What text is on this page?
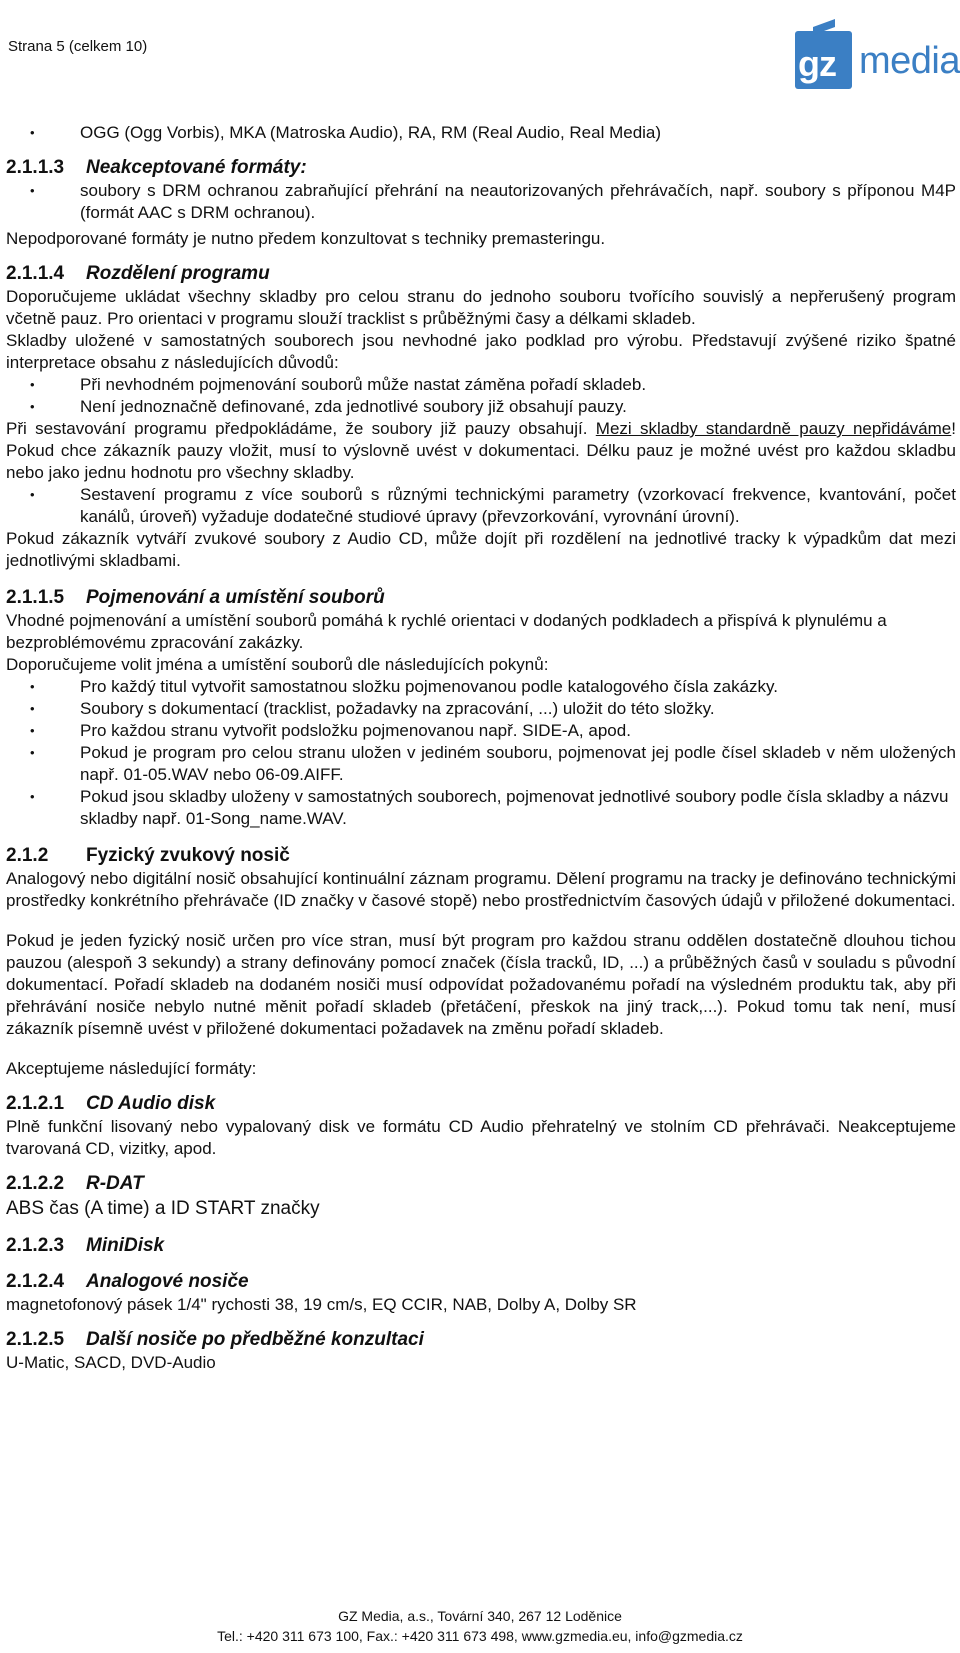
Strana 5 (celkem 10)	gz media
• OGG (Ogg Vorbis), MKA (Matroska Audio), RA, RM (Real Audio, Real Media)
2.1.1.3 Neakceptované formáty:
• soubory s DRM ochranou zabraňující přehrání na neautorizovaných přehrávačích, např. soubory s příponou M4P (formát AAC s DRM ochranou).

Nepodporované formáty je nutno předem konzultovat s techniky premasteringu.

2.1.1.4 Rozdělení programu

Doporučujeme ukládat všechny skladby pro celou stranu do jednoho souboru tvořícího souvislý a nepřerušený program včetně pauz. Pro orientaci v programu slouží tracklist s průběžnými časy a délkami skladeb.

Skladby uložené v samostatných souborech jsou nevhodné jako podklad pro výrobu. Představují zvýšené riziko špatné interpretace obsahu z následujících důvodů:

• Při nevhodném pojmenování souborů může nastat záměna pořadí skladeb.
• Není jednoznačně definované, zda jednotlivé soubory již obsahují pauzy.

Při sestavování programu předpokládáme, že soubory již pauzy obsahují. Mezi skladby standardně pauzy nepřidáváme! Pokud chce zákazník pauzy vložit, musí to výslovně uvést v dokumentaci. Délku pauz je možné uvést pro každou skladbu nebo jako jednu hodnotu pro všechny skladby.

• Sestavení programu z více souborů s různými technickými parametry (vzorkovací frekvence, kvantování, počet kanálů, úroveň) vyžaduje dodatečné studiové úpravy (převzorkování, vyrovnání úrovní).

Pokud zákazník vytváří zvukové soubory z Audio CD, může dojít při rozdělení na jednotlivé tracky k výpadkům dat mezi jednotlivými skladbami.

2.1.1.5 Pojmenování a umístění souborů

Vhodné pojmenování a umístění souborů pomáhá k rychlé orientaci v dodaných podkladech a přispívá k plynulému a bezproblémovému zpracování zakázky.

Doporučujeme volit jména a umístění souborů dle následujících pokynů:

• Pro každý titul vytvořit samostatnou složku pojmenovanou podle katalogového čísla zakázky.
• Soubory s dokumentací (tracklist, požadavky na zpracování, ...) uložit do této složky.
• Pro každou stranu vytvořit podsložku pojmenovanou např. SIDE-A, apod.
• Pokud je program pro celou stranu uložen v jediném souboru, pojmenovat jej podle čísel skladeb v něm uložených např. 01-05.WAV nebo 06-09.AIFF.
• Pokud jsou skladby uloženy v samostatných souborech, pojmenovat jednotlivé soubory podle čísla skladby a názvu skladby např. 01-Song_name.WAV.
2.1.2 Fyzický zvukový nosič

Analogový nebo digitální nosič obsahující kontinuální záznam programu. Dělení programu na tracky je definováno technickými prostředky konkrétního přehrávače (ID značky v časové stopě) nebo prostřednictvím časových údajů v přiložené dokumentaci.

Pokud je jeden fyzický nosič určen pro více stran, musí být program pro každou stranu oddělen dostatečně dlouhou tichou pauzou (alespoň 3 sekundy) a strany definovány pomocí značek (čísla tracků, ID, ...) a průběžných časů v souladu s původní dokumentací. Pořadí skladeb na dodaném nosiči musí odpovídat požadovanému pořadí na výsledném produktu tak, aby při přehrávání nosiče nebylo nutné měnit pořadí skladeb (přetáčení, přeskok na jiný track,...). Pokud tomu tak není, musí zákazník písemně uvést v přiložené dokumentaci požadavek na změnu pořadí skladeb.

Akceptujeme následující formáty:

2.1.2.1 CD Audio disk

Plně funkční lisovaný nebo vypalovaný disk ve formátu CD Audio přehratelný ve stolním CD přehrávači. Neakceptujeme tvarovaná CD, vizitky, apod.

2.1.2.2 R-DAT

ABS čas (A time) a ID START značky

2.1.2.3 MiniDisk
2.1.2.4 Analogové nosiče

magnetofonový pásek 1/4" rychosti 38, 19 cm/s, EQ CCIR, NAB, Dolby A, Dolby SR

2.1.2.5 Další nosiče po předběžné konzultaci

U-Matic, SACD, DVD-Audio

GZ Media, a.s., Tovární 340, 267 12 Loděnice
Tel.: +420 311 673 100, Fax.: +420 311 673 498, www.gzmedia.eu, info@gzmedia.cz
